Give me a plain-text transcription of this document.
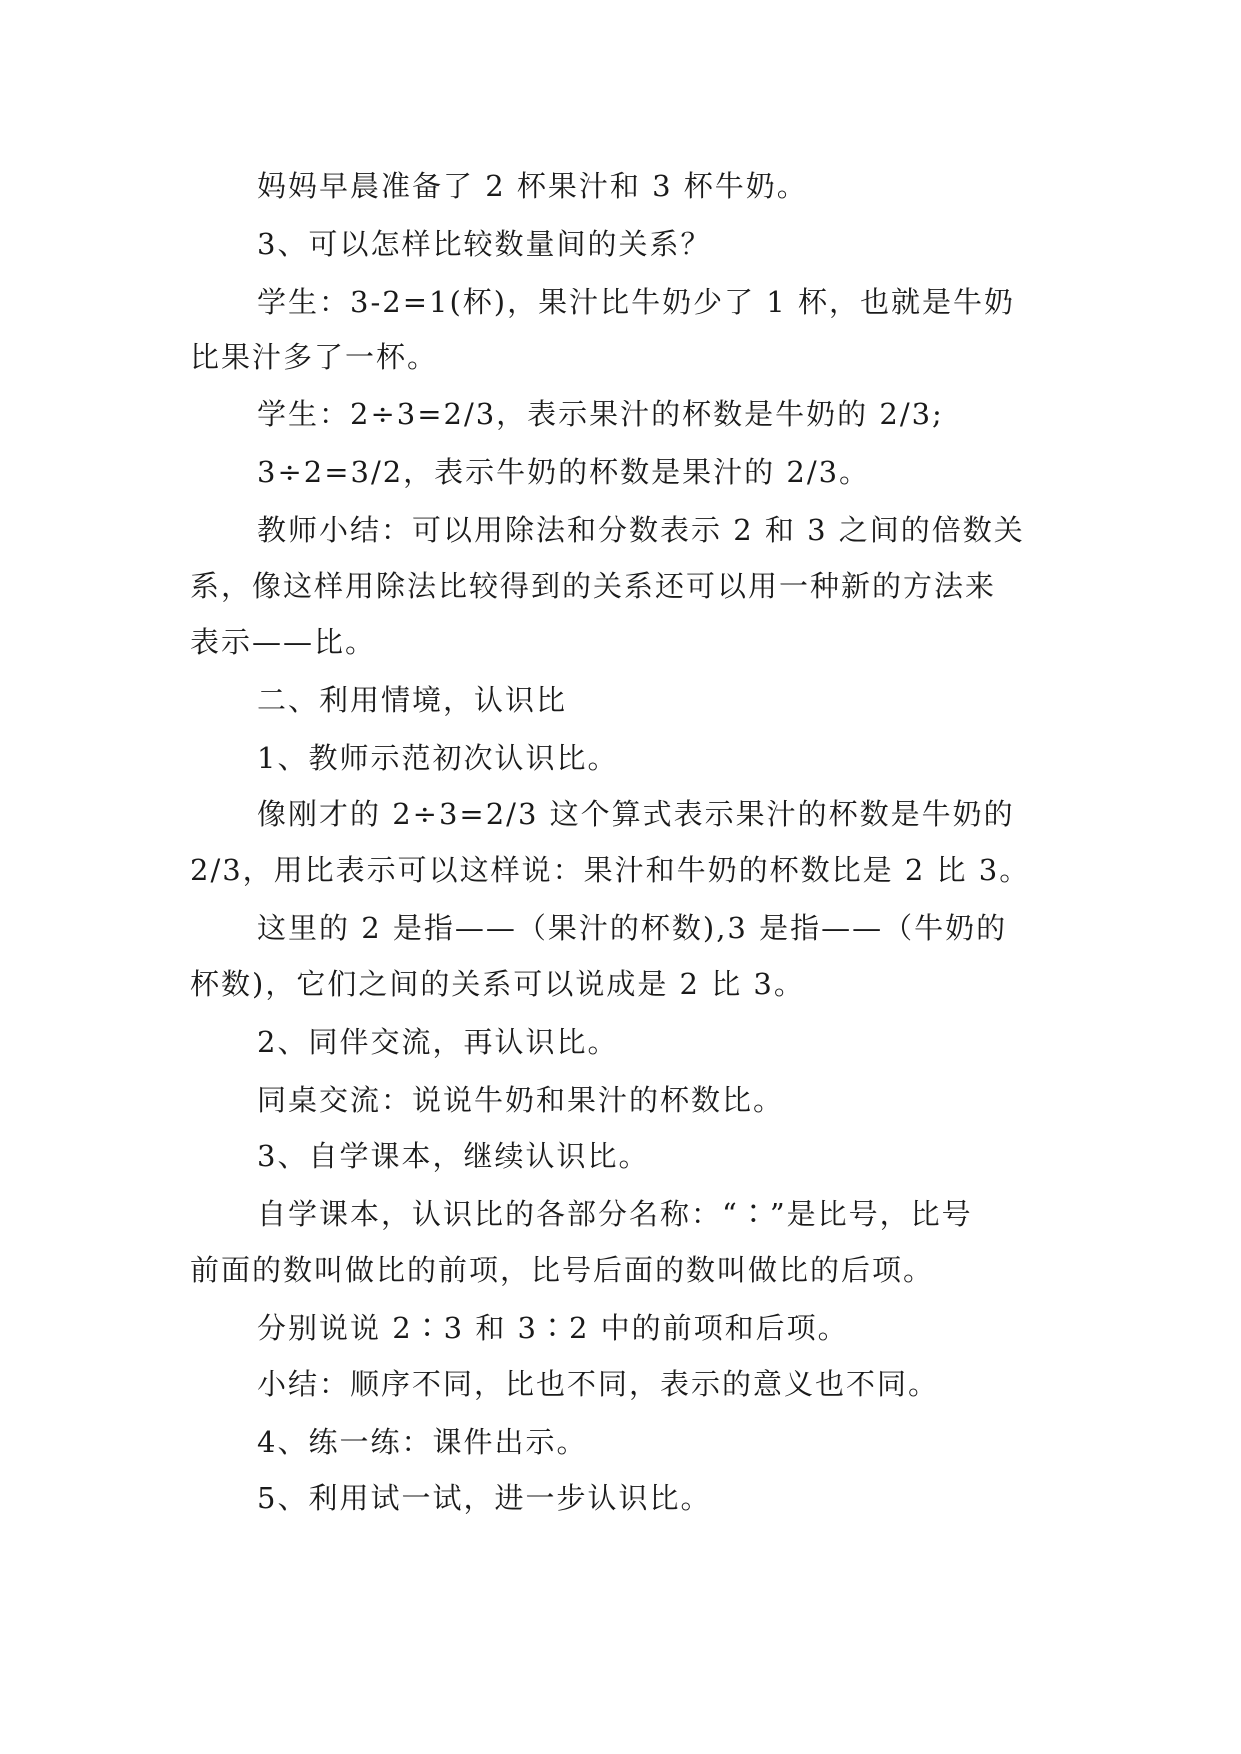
妈妈早晨准备了 2 杯果汁和 3 杯牛奶。
3、可以怎样比较数量间的关系？
学生：3-2=1(杯)，果汁比牛奶少了 1 杯，也就是牛奶
比果汁多了一杯。
学生：2÷3=2/3，表示果汁的杯数是牛奶的 2/3;
3÷2=3/2，表示牛奶的杯数是果汁的 2/3。
教师小结：可以用除法和分数表示 2 和 3 之间的倍数关
系，像这样用除法比较得到的关系还可以用一种新的方法来
表示——比。
二、利用情境，认识比
1、教师示范初次认识比。
像刚才的 2÷3=2/3 这个算式表示果汁的杯数是牛奶的
2/3，用比表示可以这样说：果汁和牛奶的杯数比是 2 比 3。
这里的 2 是指——（果汁的杯数),3 是指——（牛奶的
杯数)，它们之间的关系可以说成是 2 比 3。
2、同伴交流，再认识比。
同桌交流：说说牛奶和果汁的杯数比。
3、自学课本，继续认识比。
自学课本，认识比的各部分名称：“∶”是比号，比号
前面的数叫做比的前项，比号后面的数叫做比的后项。
分别说说 2∶3 和 3∶2 中的前项和后项。
小结：顺序不同，比也不同，表示的意义也不同。
4、练一练：课件出示。
5、利用试一试，进一步认识比。
